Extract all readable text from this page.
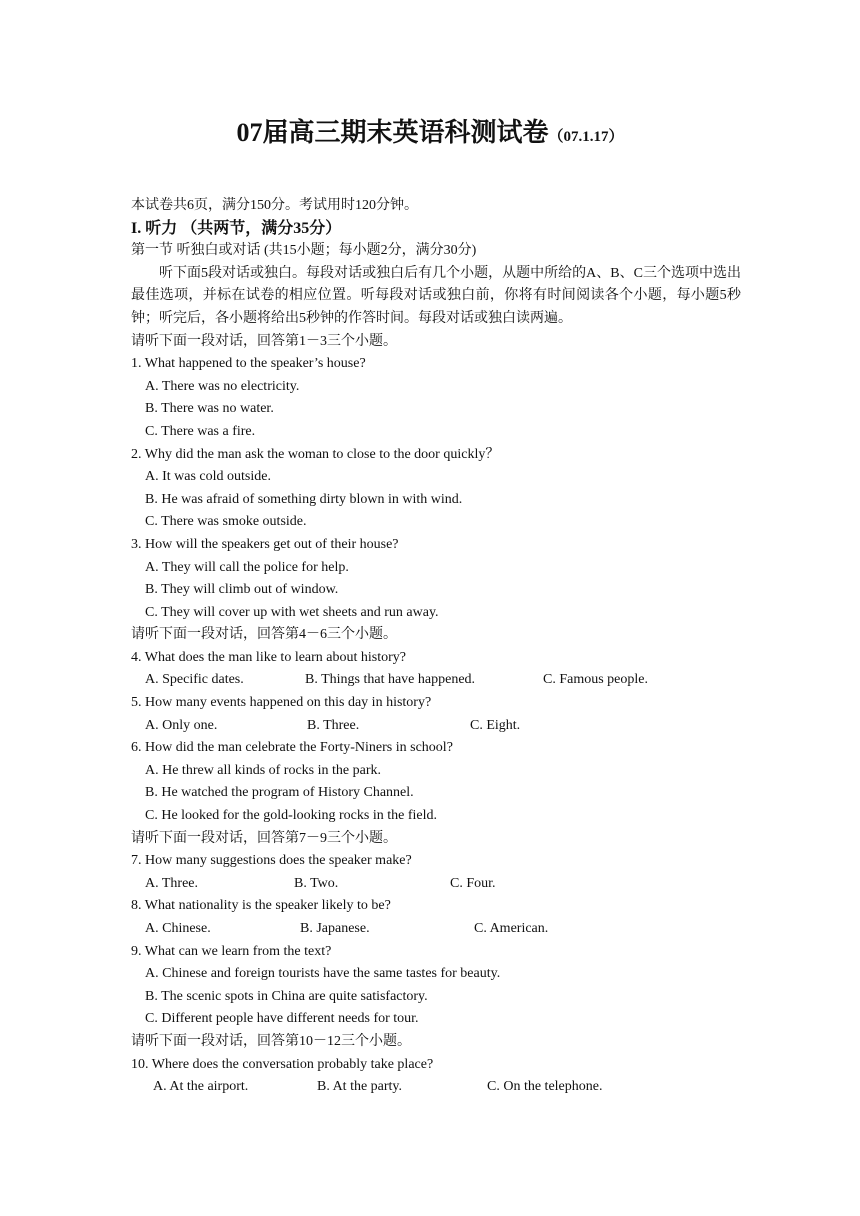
07届高三期末英语科测试卷（07.1.17）
本试卷共6页，满分150分。考试用时120分钟。
I. 听力 （共两节，满分35分）
第一节 听独白或对话 (共15小题；每小题2分，满分30分)
听下面5段对话或独白。每段对话或独白后有几个小题，从题中所给的A、B、C三个选项中选出最佳选项，并标在试卷的相应位置。听每段对话或独白前，你将有时间阅读各个小题，每小题5秒钟；听完后，各小题将给出5秒钟的作答时间。每段对话或独白读两遍。
请听下面一段对话，回答第1－3三个小题。
1. What happened to the speaker’s house?
A. There was no electricity.
B. There was no water.
C. There was a fire.
2. Why did the man ask the woman to close to the door quickly？
A. It was cold outside.
B. He was afraid of something dirty blown in with wind.
C. There was smoke outside.
3. How will the speakers get out of their house?
A. They will call the police for help.
B. They will climb out of window.
C. They will cover up with wet sheets and run away.
请听下面一段对话，回答第4－6三个小题。
4. What does the man like to learn about history?
A. Specific dates.	B. Things that have happened.	C. Famous people.
5. How many events happened on this day in history?
A. Only one.	B. Three.	C. Eight.
6. How did the man celebrate the Forty-Niners in school?
A. He threw all kinds of rocks in the park.
B. He watched the program of History Channel.
C. He looked for the gold-looking rocks in the field.
请听下面一段对话，回答第7－9三个小题。
7. How many suggestions does the speaker make?
A. Three.	B. Two.	C. Four.
8. What nationality is the speaker likely to be?
A. Chinese.	B. Japanese.	C. American.
9. What can we learn from the text?
A. Chinese and foreign tourists have the same tastes for beauty.
B. The scenic spots in China are quite satisfactory.
C. Different people have different needs for tour.
请听下面一段对话，回答第10－12三个小题。
10. Where does the conversation probably take place?
A. At the airport.	B. At the party.	C. On the telephone.
